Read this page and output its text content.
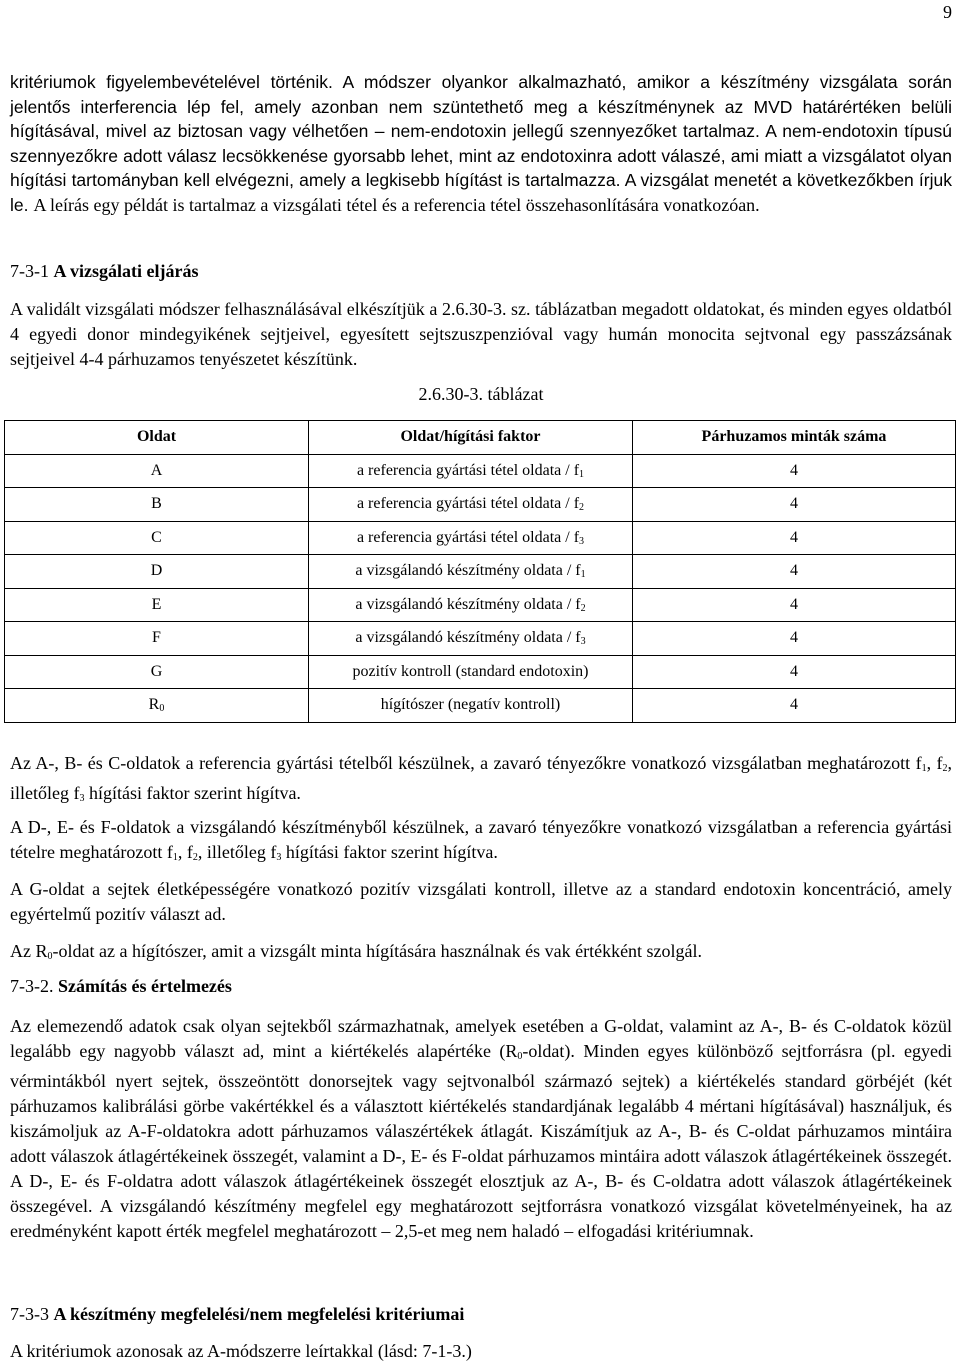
9

kritériumok figyelembevételével történik. A módszer olyankor alkalmazható, amikor a készítmény vizsgálata során jelentős interferencia lép fel, amely azonban nem szüntethető meg a készítménynek az MVD határértéken belüli hígításával, mivel az biztosan vagy vélhetően – nem-endotoxin jellegű szennyezőket tartalmaz. A nem-endotoxin típusú szennyezőkre adott válasz lecsökkenése gyorsabb lehet, mint az endotoxinra adott válaszé, ami miatt a vizsgálatot olyan hígítási tartományban kell elvégezni, amely a legkisebb hígítást is tartalmazza. A vizsgálat menetét a következőkben írjuk le. A leírás egy példát is tartalmaz a vizsgálati tétel és a referencia tétel összehasonlítására vonatkozóan.

7-3-1 A vizsgálati eljárás

A validált vizsgálati módszer felhasználásával elkészítjük a 2.6.30-3. sz. táblázatban megadott oldatokat, és minden egyes oldatból 4 egyedi donor mindegyikének sejtjeivel, egyesített sejtszuszpenzióval vagy humán monocita sejtvonal egy passzázsának sejtjeivel 4-4 párhuzamos tenyészetet készítünk.

2.6.30-3. táblázat
Oldat	Oldat/hígítási faktor	Párhuzamos minták száma
A	a referencia gyártási tétel oldata / $f_1$	4
B	a referencia gyártási tétel oldata / $f_2$	4
C	a referencia gyártási tétel oldata / $f_3$	4
D	a vizsgálandó készítmény oldata / $f_1$	4
E	a vizsgálandó készítmény oldata / $f_2$	4
F	a vizsgálandó készítmény oldata / $f_3$	4
G	pozitív kontroll (standard endotoxin)	4
$R_0$	hígítószer (negatív kontroll)	4

Az A-, B- és C-oldatok a referencia gyártási tételből készülnek, a zavaró tényezőkre vonatkozó vizsgálatban meghatározott $f_1$, $f_2$, illetőleg $f_3$ hígítási faktor szerint hígítva.

A D-, E- és F-oldatok a vizsgálandó készítményből készülnek, a zavaró tényezőkre vonatkozó vizsgálatban a referencia gyártási tételre meghatározott $f_1$, $f_2$, illetőleg $f_3$ hígítási faktor szerint hígítva.

A G-oldat a sejtek életképességére vonatkozó pozitív vizsgálati kontroll, illetve az a standard endotoxin koncentráció, amely egyértelmű pozitív választ ad.

Az $R_0$-oldat az a hígítószer, amit a vizsgált minta hígítására használnak és vak értékként szolgál.

7-3-2. Számítás és értelmezés

Az elemezendő adatok csak olyan sejtekből származhatnak, amelyek esetében a G-oldat, valamint az A-, B- és C-oldatok közül legalább egy nagyobb választ ad, mint a kiértékelés alapértéke $(R_0-oldat)$. Minden egyes különböző sejtforrásra (pl. egyedi vérmintákból nyert sejtek, összeöntött donorsejtek vagy sejtvonalból származó sejtek) a kiértékelés standard görbéjét (két párhuzamos kalibrálási görbe vakértékkel és a választott kiértékelés standardjának legalább 4 mértani hígításával) használjuk, és kiszámoljuk az A-F-oldatokra adott párhuzamos válaszértékek átlagát. Kiszámítjuk az A-, B- és C-oldat párhuzamos mintáira adott válaszok átlagértékeinek összegét, valamint a D-, E- és F-oldat párhuzamos mintáira adott válaszok átlagértékeinek összegét. A D-, E- és F-oldatra adott válaszok átlagértékeinek összegét elosztjuk az A-, B- és C-oldatra adott válaszok átlagértékeinek összegével. A vizsgálandó készítmény megfelel egy meghatározott sejtforrásra vonatkozó vizsgálat követelményeinek, ha az eredményként kapott érték megfelel meghatározott – 2,5-et meg nem haladó – elfogadási kritériumnak.

7-3-3 A készítmény megfelelési/nem megfelelési kritériumai

A kritériumok azonosak az A-módszerre leírtakkal (lásd: 7-1-3.)
